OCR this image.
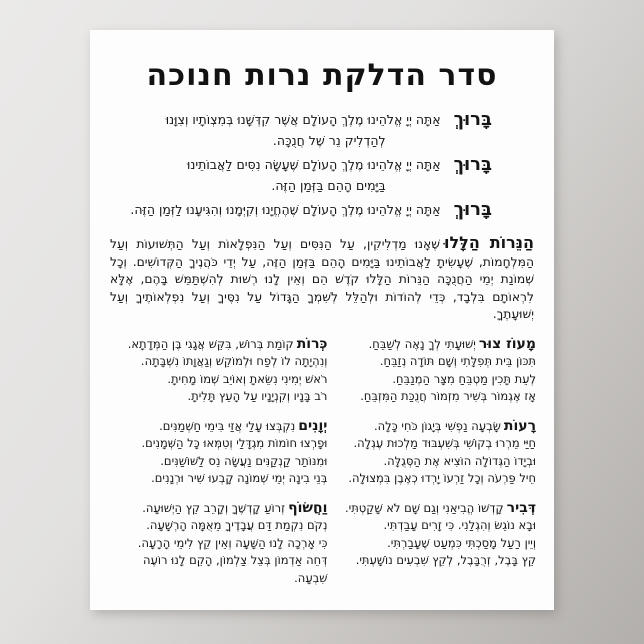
סדר הדלקת נרות חנוכה
בָּרוּךְ
אַתָּה יְיָ אֱלֹהֵינוּ מֶלֶךְ הָעוֹלָם אֲשֶׁר קִדְּשָׁנוּ בְּמִצְוֹתָיו וְצִוָּנוּ
לְהַדְלִיק נֵר שֶׁל חֲנֻכָּה.
בָּרוּךְ
אַתָּה יְיָ אֱלֹהֵינוּ מֶלֶךְ הָעוֹלָם שֶׁעָשָׂה נִסִּים לַאֲבוֹתֵינוּ
בַּיָּמִים הָהֵם בַּזְּמַן הַזֶּה.
בָּרוּךְ
אַתָּה יְיָ אֱלֹהֵינוּ מֶלֶךְ הָעוֹלָם שֶׁהֶחֱיָנוּ וְקִיְּמָנוּ וְהִגִּיעָנוּ לַזְּמַן הַזֶּה.
הַנֵּרוֹת הַלָּלוּשֶׁאָנוּ מַדְלִיקִין, עַל הַנִּסִּים וְעַל הַנִּפְלָאוֹת וְעַל הַתְּשׁוּעוֹת וְעַל הַמִּלְחָמוֹת, שֶׁעָשִׂיתָ לַאֲבוֹתֵינוּ בַּיָּמִים הָהֵם בַּזְּמַן הַזֶּה, עַל יְדֵי כֹּהֲנֶיךָ הַקְּדוֹשִׁים. וְכָל שְׁמוֹנַת יְמֵי הַחֲנֻכָּה הַנֵּרוֹת הַלָּלוּ קֹדֶשׁ הֵם וְאֵין לָנוּ רְשׁוּת לְהִשְׁתַּמֵּשׁ בָּהֶם, אֶלָּא לִרְאוֹתָם בִּלְבָד, כְּדֵי לְהוֹדוֹת וּלְהַלֵּל לְשִׁמְךָ הַגָּדוֹל עַל נִסֶּיךָ וְעַל נִפְלְאוֹתֶיךָ וְעַל יְשׁוּעָתֶךָ.
מָעוֹז צוּריְשׁוּעָתִי לְךָ נָאֶה לְשַׁבֵּחַ.
תִּכּוֹן בֵּית תְּפִלָּתִי וְשָׁם תּוֹדָה נְזַבֵּחַ.
לְעֵת תָּכִין מַטְבֵּחַ מִצָּר הַמְנַבֵּחַ.
אָז אֶגְמוֹר בְּשִׁיר מִזְמוֹר חֲנֻכַּת הַמִּזְבֵּחַ.
רָעוֹתשָׂבְעָה נַפְשִׁי בְּיָגוֹן כֹּחִי כָּלָה.
חַיַּי מֵרְרוּ בְקוֹשִׁי בְּשִׁעְבּוּד מַלְכוּת עֶגְלָה.
וּבְיָדוֹ הַגְּדוֹלָה הוֹצִיא אֶת הַסְּגֻלָּה.
חֵיל פַּרְעֹה וְכָל זַרְעוֹ יָרְדוּ כְאֶבֶן בִּמְצוּלָה.
דְּבִירקָדְשׁוֹ הֱבִיאַנִי וְגַם שָׁם לֹא שָׁקַטְתִּי.
וּבָא נוֹגֵשׂ וְהִגְלַנִי. כִּי זָרִים עָבַדְתִּי.
וְיֵין רַעַל מָסַכְתִּי כִּמְעַט שֶׁעָבַרְתִּי.
קֵץ בָּבֶל, זְרֻבָּבֶל, לְקֵץ שִׁבְעִים נוֹשָׁעְתִּי.
כְּרוֹתקוֹמַת בְּרוֹשׁ, בִּקֵּשׁ אֲגָגִי בֶּן הַמְּדָתָא.
וְנִהְיָתָה לוֹ לְפַח וּלְמוֹקֵשׁ וְגַאֲוָתוֹ נִשְׁבָּתָה.
רֹאשׁ יְמִינִי נִשֵּׂאתָ וְאוֹיֵב שְׁמוֹ מָחִיתָ.
רֹב בָּנָיו וְקִנְיָנָיו עַל הָעֵץ תָּלִיתָ.
יְוָנִיםנִקְבְּצוּ עָלַי אֲזַי בִּימֵי חַשְׁמַנִּים.
וּפָרְצוּ חוֹמוֹת מִגְדָּלַי וְטִמְּאוּ כָּל הַשְּׁמָנִים.
וּמִנּוֹתַר קַנְקַנִּים נַעֲשָׂה נֵס לַשּׁוֹשַׁנִּים.
בְּנֵי בִינָה יְמֵי שְׁמוֹנָה קָבְעוּ שִׁיר וּרְנָנִים.
וַחֲשׂוֹףזְרוֹעַ קָדְשֶׁךָ וְקָרֵב קֵץ הַיְשׁוּעָה.
נְקֹם נִקְמַת דַּם עֲבָדֶיךָ מֵאֻמָּה הָרְשָׁעָה.
כִּי אָרְכָה לָנוּ הַשָּׁעָה וְאֵין קֵץ לִימֵי הָרָעָה.
דְּחֵה אַדְמוֹן בְּצֵל צַלְמוֹן, הָקֵם לָנוּ רוֹעֶה שִׁבְעָה.
